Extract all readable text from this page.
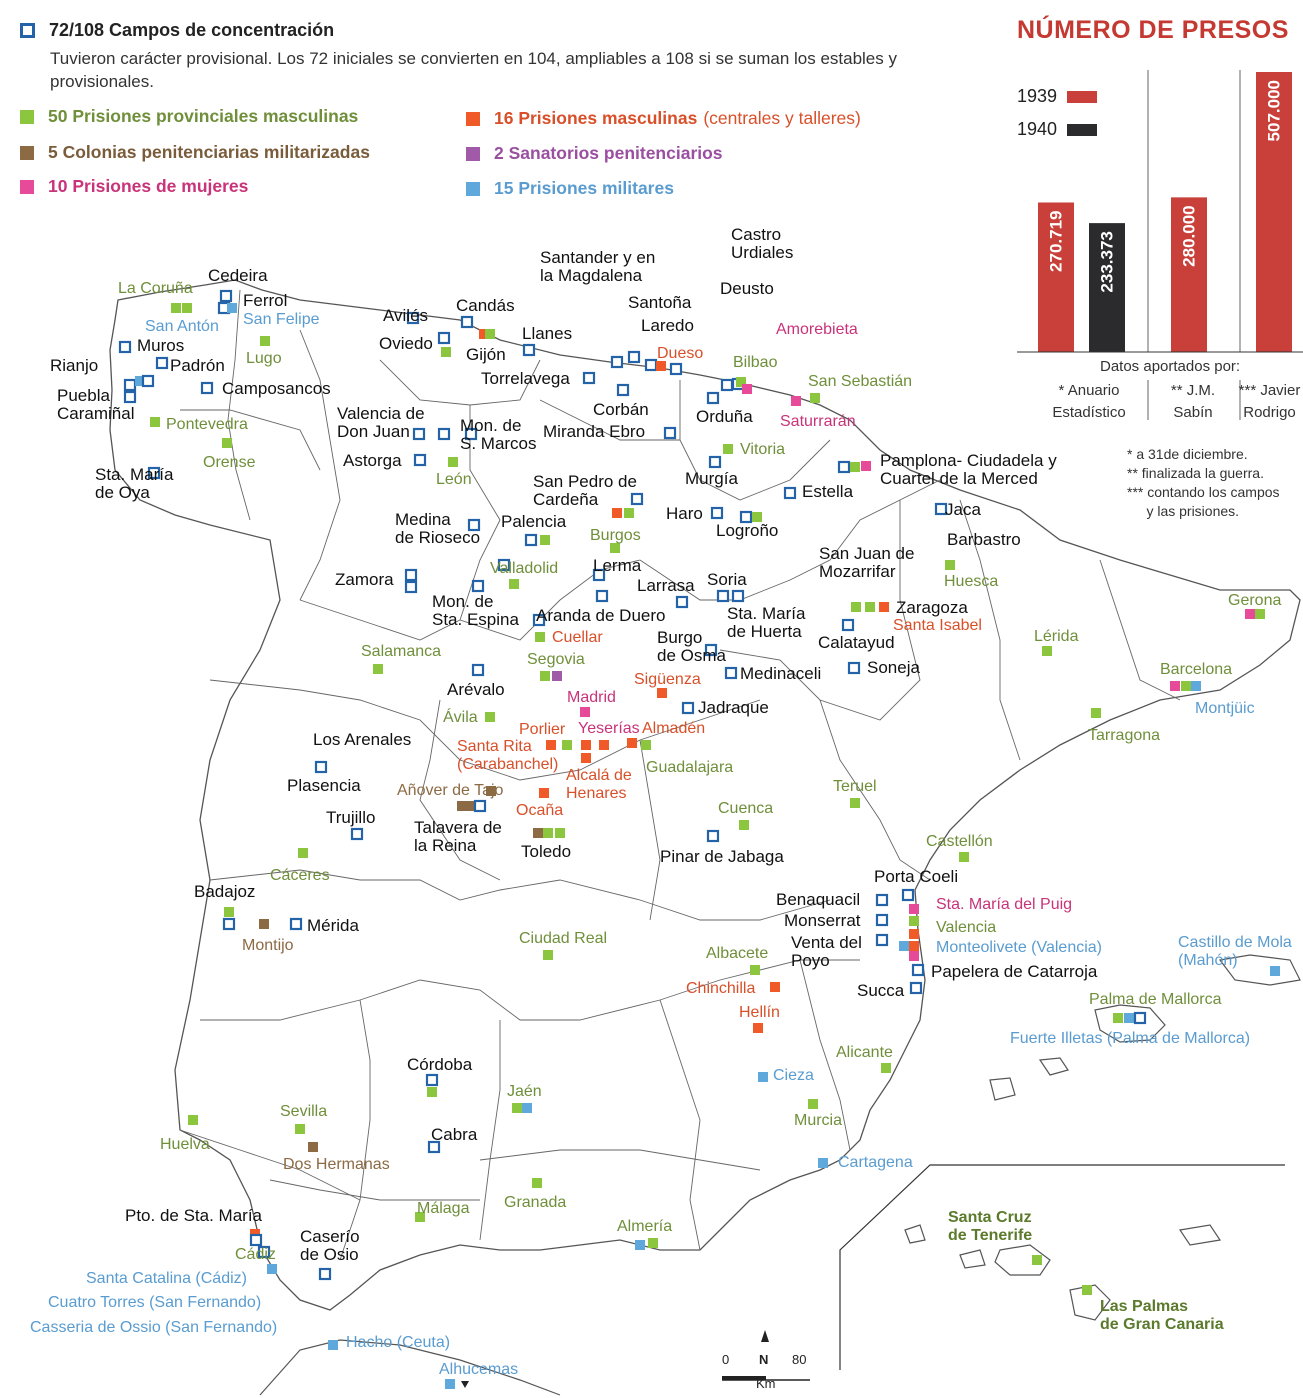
270.719 233.373	280.000
507.000
72/108 Campos de concentración
Tuvieron carácter provisional. Los 72 iniciales se convierten en 104, ampliables a 108 si se suman los estables y provisionales.
50 Prisiones provinciales masculinas
5 Colonias penitenciarias militarizadas
10 Prisiones de mujeres
16 Prisiones masculinas (centrales y talleres)
2 Sanatorios penitenciarios
15 Prisiones militares
NÚMERO DE PRESOS
1939
1940
Datos aportados por:
* Anuario
Estadístico
** J.M.
Sabín
*** Javier
Rodrigo
* a 31de diciembre.
** finalizada la guerra.
*** contando los campos
y las prisiones.
0 N 80
Km
Cedeira
La Coruña
Ferrol
San Felipe
San Antón
Muros
Lugo
Rianjo	Padrón
Puebla
Caramiñal
Camposancos
Pontevedra
Orense
Sta. María
de Oya
Avilés
Candás
Oviedo
Gijón
Llanes
Torrelavega
Santander y en
la Magdalena
Santoña
Laredo
Dueso
Castro
Urdiales
Deusto
Amorebieta
Bilbao
San Sebastián
Saturrarán
Valencia de
Don Juan	Mon. de
S. Marcos
Corbán
Miranda Ebro
Orduña
Vitoria
Astorga
León
Pamplona- Ciudadela y
Cuartel de la Merced
San Pedro de
Cardeña
Murgía
Estella
Haro
Logroño
Jaca
Medina
de Rioseco
Palencia
Burgos	Barbastro
San Juan de
Mozarrifar
Huesca
Valladolid Lerma
Zamora	Larrasa Soria
Mon. de
Sta. Espina Aranda de Duero	Sta. María
de Huerta
Zaragoza	Gerona
Cuellar
Santa Isabel
Calatayud	Lérida
Burgo
de Osma
Salamanca	Segovia	Soneja
Medinaceli	Barcelona
Sigüenza
Arévalo	Madrid
Jadraque	Montjüic
Ávila
Porlier Yeserías Almadén	Tarragona
Los Arenales	Santa Rita
(Carabanchel)
Alcalá de
Henares
Guadalajara
Plasencia Añover de Tajo	Teruel
Ocaña	Cuenca
Trujillo
Talavera de
la Reina	Toledo
Castellón
Pinar de Jabaga
Cáceres	Porta Coeli
Badajoz	Benaquacil	Sta. María del Puig
Mérida	Monserrat	Valencia
Montijo	Ciudad Real	Venta del
Poyo
Monteolivete (Valencia)	Castillo de Mola
(Mahón)
Albacete
Papelera de Catarroja
Chinchilla	Succa	Palma de Mallorca
Hellín
Fuerte Illetas (Palma de Mallorca)
Alicante
Córdoba
Cieza
Jaén
Sevilla
Murcia
Cabra
Huelva
Dos Hermanas	Cartagena
Granada
Pto. de Sta. María	Málaga
Santa Cruz
de Tenerife
Caserío
de Osio
Almería
Cádiz
Santa Catalina (Cádiz)
Cuatro Torres (San Fernando)	Las Palmas
de Gran Canaria
Casseria de Ossio (San Fernando)
Hacho (Ceuta)
Alhucemas
